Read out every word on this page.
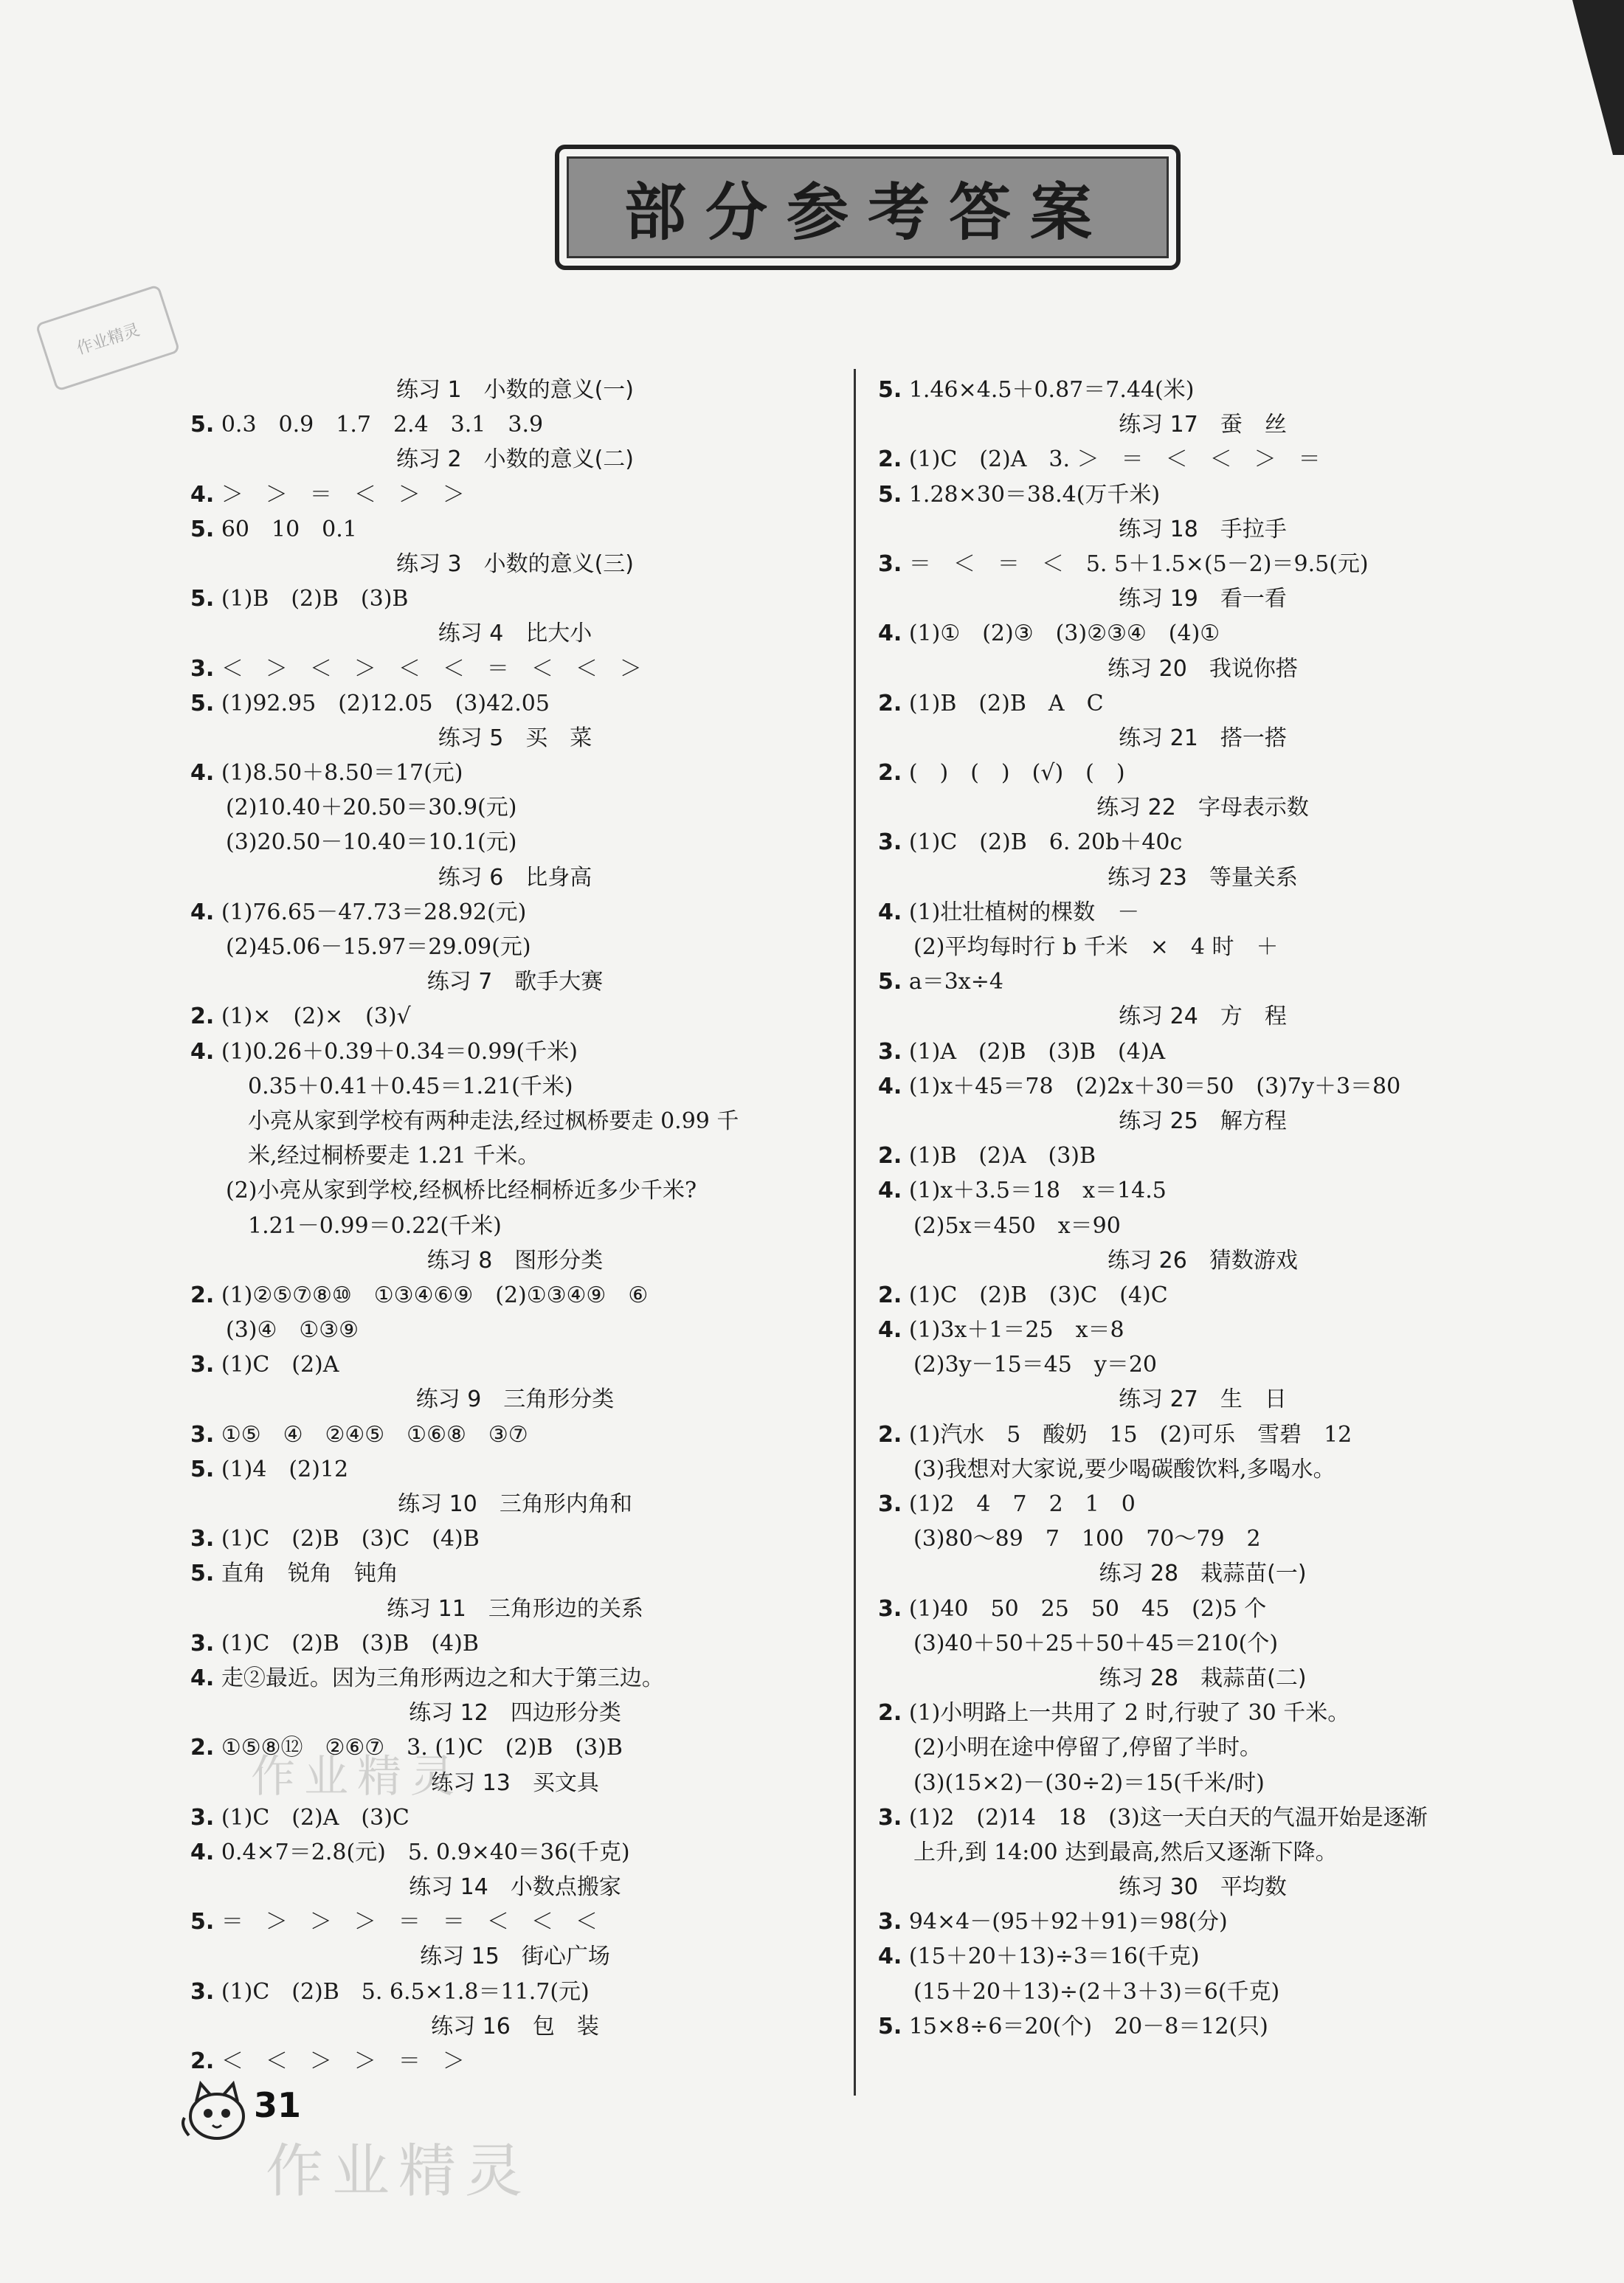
部分参考答案
作业精灵
练习 1　小数的意义(一)
5. 0.3　0.9　1.7　2.4　3.1　3.9
练习 2　小数的意义(二)
4. ＞　＞　＝　＜　＞　＞
5. 60　10　0.1
练习 3　小数的意义(三)
5. (1)B　(2)B　(3)B
练习 4　比大小
3. ＜　＞　＜　＞　＜　＜　＝　＜　＜　＞
5. (1)92.95　(2)12.05　(3)42.05
练习 5　买　菜
4. (1)8.50＋8.50＝17(元)
(2)10.40＋20.50＝30.9(元)
(3)20.50－10.40＝10.1(元)
练习 6　比身高
4. (1)76.65－47.73＝28.92(元)
(2)45.06－15.97＝29.09(元)
练习 7　歌手大赛
2. (1)×　(2)×　(3)√
4. (1)0.26＋0.39＋0.34＝0.99(千米)
　0.35＋0.41＋0.45＝1.21(千米)
　小亮从家到学校有两种走法,经过枫桥要走 0.99 千
　米,经过桐桥要走 1.21 千米。
(2)小亮从家到学校,经枫桥比经桐桥近多少千米?
　1.21－0.99＝0.22(千米)
练习 8　图形分类
2. (1)②⑤⑦⑧⑩　①③④⑥⑨　(2)①③④⑨　⑥
(3)④　①③⑨
3. (1)C　(2)A
练习 9　三角形分类
3. ①⑤　④　②④⑤　①⑥⑧　③⑦
5. (1)4　(2)12
练习 10　三角形内角和
3. (1)C　(2)B　(3)C　(4)B
5. 直角　锐角　钝角
练习 11　三角形边的关系
3. (1)C　(2)B　(3)B　(4)B
4. 走②最近。因为三角形两边之和大于第三边。
练习 12　四边形分类
2. ①⑤⑧⑫　②⑥⑦　3. (1)C　(2)B　(3)B
练习 13　买文具
3. (1)C　(2)A　(3)C
4. 0.4×7＝2.8(元)　5. 0.9×40＝36(千克)
练习 14　小数点搬家
5. ＝　＞　＞　＞　＝　＝　＜　＜　＜
练习 15　街心广场
3. (1)C　(2)B　5. 6.5×1.8＝11.7(元)
练习 16　包　装
2. ＜　＜　＞　＞　＝　＞
5. 1.46×4.5＋0.87＝7.44(米)
练习 17　蚕　丝
2. (1)C　(2)A　3. ＞　＝　＜　＜　＞　＝
5. 1.28×30＝38.4(万千米)
练习 18　手拉手
3. ＝　＜　＝　＜　5. 5＋1.5×(5－2)＝9.5(元)
练习 19　看一看
4. (1)①　(2)③　(3)②③④　(4)①
练习 20　我说你搭
2. (1)B　(2)B　A　C
练习 21　搭一搭
2. (　)　(　)　(√)　(　)
练习 22　字母表示数
3. (1)C　(2)B　6. 20b＋40c
练习 23　等量关系
4. (1)壮壮植树的棵数　－
(2)平均每时行 b 千米　×　4 时　＋
5. a＝3x÷4
练习 24　方　程
3. (1)A　(2)B　(3)B　(4)A
4. (1)x＋45＝78　(2)2x＋30＝50　(3)7y＋3＝80
练习 25　解方程
2. (1)B　(2)A　(3)B
4. (1)x＋3.5＝18　x＝14.5
(2)5x＝450　x＝90
练习 26　猜数游戏
2. (1)C　(2)B　(3)C　(4)C
4. (1)3x＋1＝25　x＝8
(2)3y－15＝45　y＝20
练习 27　生　日
2. (1)汽水　5　酸奶　15　(2)可乐　雪碧　12
(3)我想对大家说,要少喝碳酸饮料,多喝水。
3. (1)2　4　7　2　1　0
(3)80～89　7　100　70～79　2
练习 28　栽蒜苗(一)
3. (1)40　50　25　50　45　(2)5 个
(3)40＋50＋25＋50＋45＝210(个)
练习 28　栽蒜苗(二)
2. (1)小明路上一共用了 2 时,行驶了 30 千米。
(2)小明在途中停留了,停留了半时。
(3)(15×2)－(30÷2)＝15(千米/时)
3. (1)2　(2)14　18　(3)这一天白天的气温开始是逐渐
上升,到 14:00 达到最高,然后又逐渐下降。
练习 30　平均数
3. 94×4－(95＋92＋91)＝98(分)
4. (15＋20＋13)÷3＝16(千克)
(15＋20＋13)÷(2＋3＋3)＝6(千克)
5. 15×8÷6＝20(个)　20－8＝12(只)
31
作业精灵
作业精灵
